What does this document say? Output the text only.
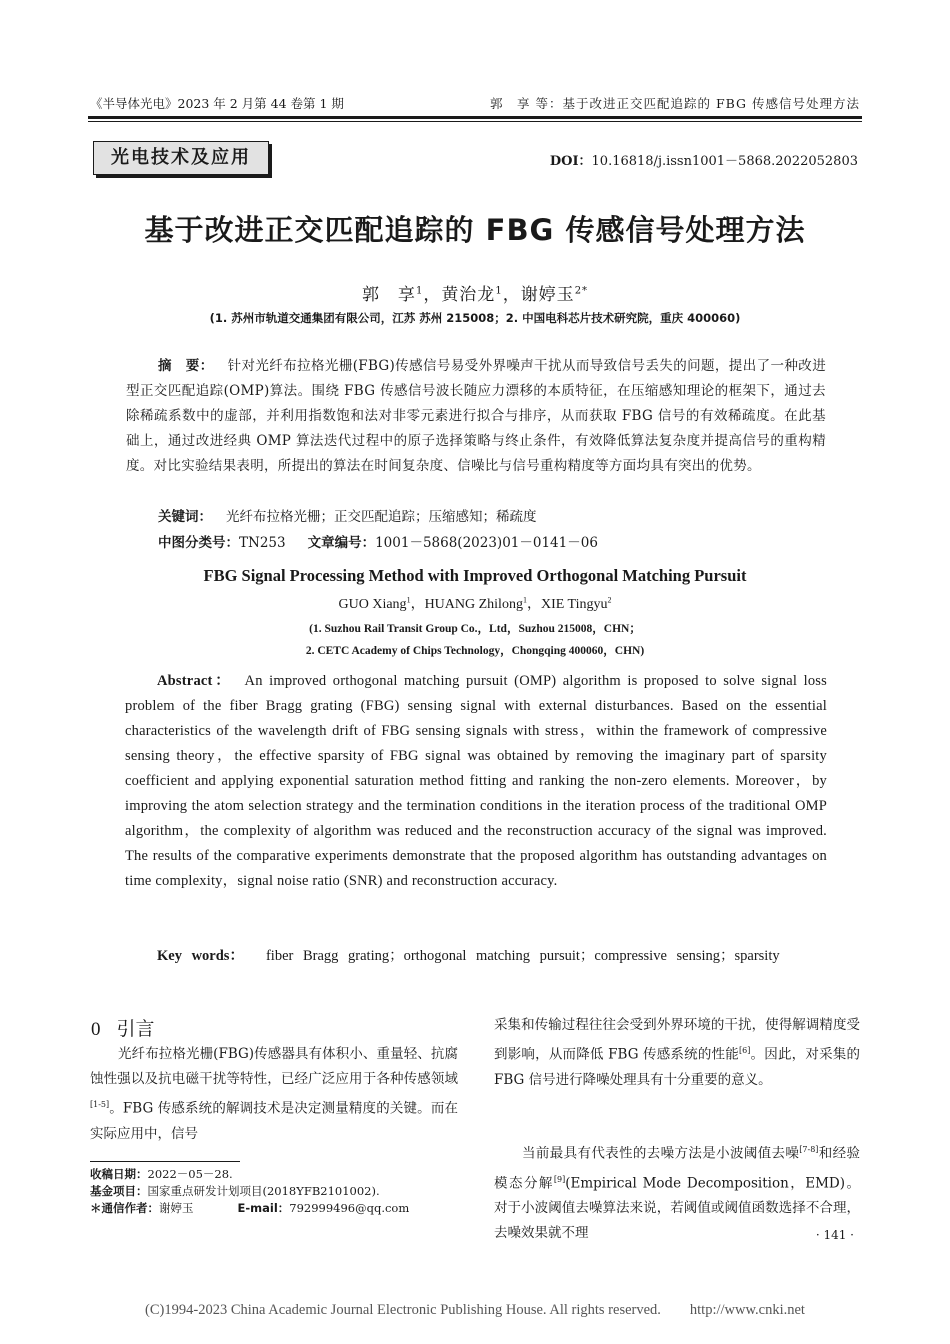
《半导体光电》2023 年 2 月第 44 卷第 1 期	郭　享 等：基于改进正交匹配追踪的 FBG 传感信号处理方法
光电技术及应用	DOI：10.16818/j.issn1001－5868.2022052803
基于改进正交匹配追踪的 FBG 传感信号处理方法
郭　享$^1$，黄治龙$^1$，谢婷玉$^{2*}$
(1. 苏州市轨道交通集团有限公司，江苏 苏州 215008；2. 中国电科芯片技术研究院，重庆 400060)
摘　要： 针对光纤布拉格光栅(FBG)传感信号易受外界噪声干扰从而导致信号丢失的问题，提出了一种改进型正交匹配追踪(OMP)算法。围绕 FBG 传感信号波长随应力漂移的本质特征，在压缩感知理论的框架下，通过去除稀疏系数中的虚部，并利用指数饱和法对非零元素进行拟合与排序，从而获取 FBG 信号的有效稀疏度。在此基础上，通过改进经典 OMP 算法迭代过程中的原子选择策略与终止条件，有效降低算法复杂度并提高信号的重构精度。对比实验结果表明，所提出的算法在时间复杂度、信噪比与信号重构精度等方面均具有突出的优势。
关键词： 光纤布拉格光栅；正交匹配追踪；压缩感知；稀疏度
中图分类号：TN253 文章编号：1001－5868(2023)01－0141－06
FBG Signal Processing Method with Improved Orthogonal Matching Pursuit
GUO Xiang$^1$，HUANG Zhilong$^1$，XIE Tingyu$^2$
(1. Suzhou Rail Transit Group Co.，Ltd，Suzhou 215008，CHN；
2. CETC Academy of Chips Technology，Chongqing 400060，CHN)
Abstract： An improved orthogonal matching pursuit (OMP) algorithm is proposed to solve signal loss problem of the fiber Bragg grating (FBG) sensing signal with external disturbances. Based on the essential characteristics of the wavelength drift of FBG sensing signals with stress，within the framework of compressive sensing theory，the effective sparsity of FBG signal was obtained by removing the imaginary part of sparsity coefficient and applying exponential saturation method fitting and ranking the non-zero elements. Moreover，by improving the atom selection strategy and the termination conditions in the iteration process of the traditional OMP algorithm，the complexity of algorithm was reduced and the reconstruction accuracy of the signal was improved. The results of the comparative experiments demonstrate that the proposed algorithm has outstanding advantages on time complexity，signal noise ratio (SNR) and reconstruction accuracy.
Key words： fiber Bragg grating；orthogonal matching pursuit；compressive sensing；sparsity
0 引言
光纤布拉格光栅(FBG)传感器具有体积小、重量轻、抗腐蚀性强以及抗电磁干扰等特性，已经广泛应用于各种传感领域[1-5]。FBG 传感系统的解调技术是决定测量精度的关键。而在实际应用中，信号
采集和传输过程往往会受到外界环境的干扰，使得解调精度受到影响，从而降低 FBG 传感系统的性能[6]。因此，对采集的 FBG 信号进行降噪处理具有十分重要的意义。
当前最具有代表性的去噪方法是小波阈值去噪[7-8]和经验模态分解[9](Empirical Mode Decomposition，EMD)。对于小波阈值去噪算法来说，若阈值或阈值函数选择不合理，去噪效果就不理
收稿日期：2022－05－28.
基金项目：国家重点研发计划项目(2018YFB2101002).
＊通信作者：谢婷玉	E-mail：792999496@qq.com
· 141 ·
(C)1994-2023 China Academic Journal Electronic Publishing House. All rights reserved.　　http://www.cnki.net
